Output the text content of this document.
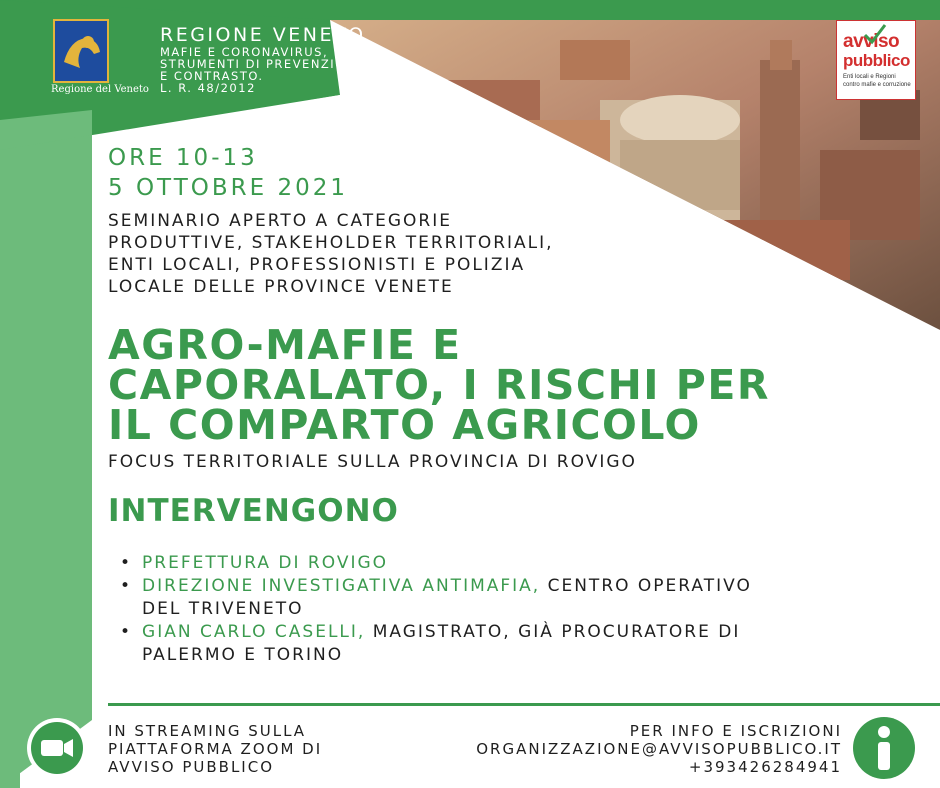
Regione del Veneto
REGIONE VENETO
MAFIE E CORONAVIRUS,
STRUMENTI DI PREVENZIONE
E CONTRASTO.
L. R. 48/2012
avviso
pubblico
Enti locali e Regioni
contro mafie e corruzione
ORE 10-13
5 OTTOBRE 2021
SEMINARIO APERTO A CATEGORIE
PRODUTTIVE, STAKEHOLDER TERRITORIALI,
ENTI LOCALI, PROFESSIONISTI E POLIZIA
LOCALE DELLE PROVINCE VENETE
AGRO-MAFIE E
CAPORALATO, I RISCHI PER
IL COMPARTO AGRICOLO
FOCUS TERRITORIALE SULLA PROVINCIA DI ROVIGO
INTERVENGONO
• PREFETTURA DI ROVIGO
• DIREZIONE INVESTIGATIVA ANTIMAFIA, CENTRO OPERATIVO
DEL TRIVENETO
• GIAN CARLO CASELLI, MAGISTRATO, GIÀ PROCURATORE DI
PALERMO E TORINO
IN STREAMING SULLA
PIATTAFORMA ZOOM DI
AVVISO PUBBLICO
PER INFO E ISCRIZIONI
ORGANIZZAZIONE@AVVISOPUBBLICO.IT
+393426284941
